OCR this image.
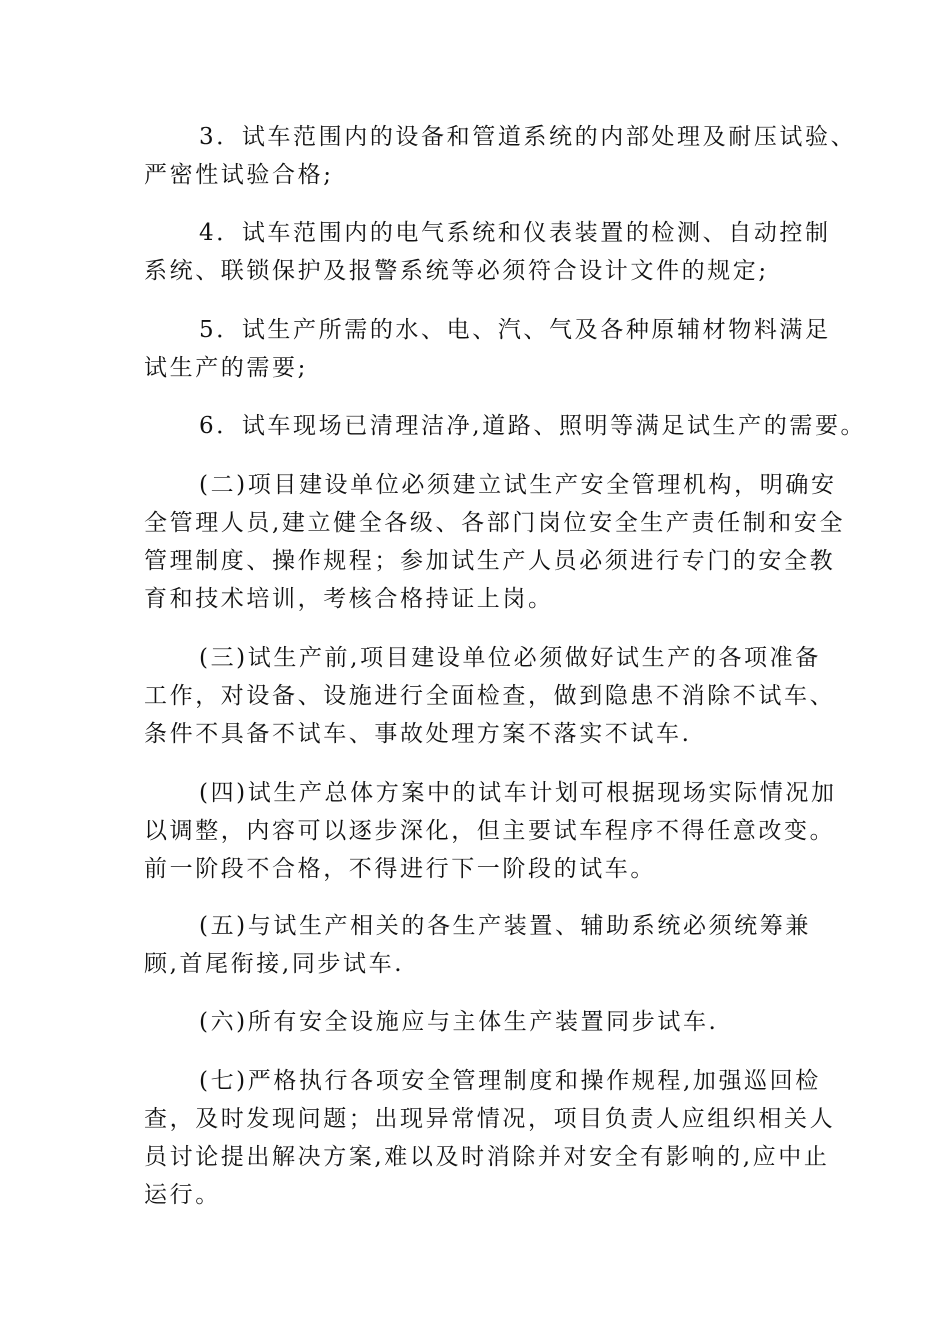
3．试车范围内的设备和管道系统的内部处理及耐压试验、
严密性试验合格;
4．试车范围内的电气系统和仪表装置的检测、自动控制
系统、联锁保护及报警系统等必须符合设计文件的规定;
5．试生产所需的水、电、汽、气及各种原辅材物料满足
试生产的需要;
6．试车现场已清理洁净,道路、照明等满足试生产的需要。
(二)项目建设单位必须建立试生产安全管理机构，明确安
全管理人员,建立健全各级、各部门岗位安全生产责任制和安全
管理制度、操作规程；参加试生产人员必须进行专门的安全教
育和技术培训，考核合格持证上岗。
(三)试生产前,项目建设单位必须做好试生产的各项准备
工作，对设备、设施进行全面检查，做到隐患不消除不试车、
条件不具备不试车、事故处理方案不落实不试车.
(四)试生产总体方案中的试车计划可根据现场实际情况加
以调整，内容可以逐步深化，但主要试车程序不得任意改变。
前一阶段不合格，不得进行下一阶段的试车。
(五)与试生产相关的各生产装置、辅助系统必须统筹兼
顾,首尾衔接,同步试车.
(六)所有安全设施应与主体生产装置同步试车.
(七)严格执行各项安全管理制度和操作规程,加强巡回检
查，及时发现问题；出现异常情况，项目负责人应组织相关人
员讨论提出解决方案,难以及时消除并对安全有影响的,应中止
运行。
